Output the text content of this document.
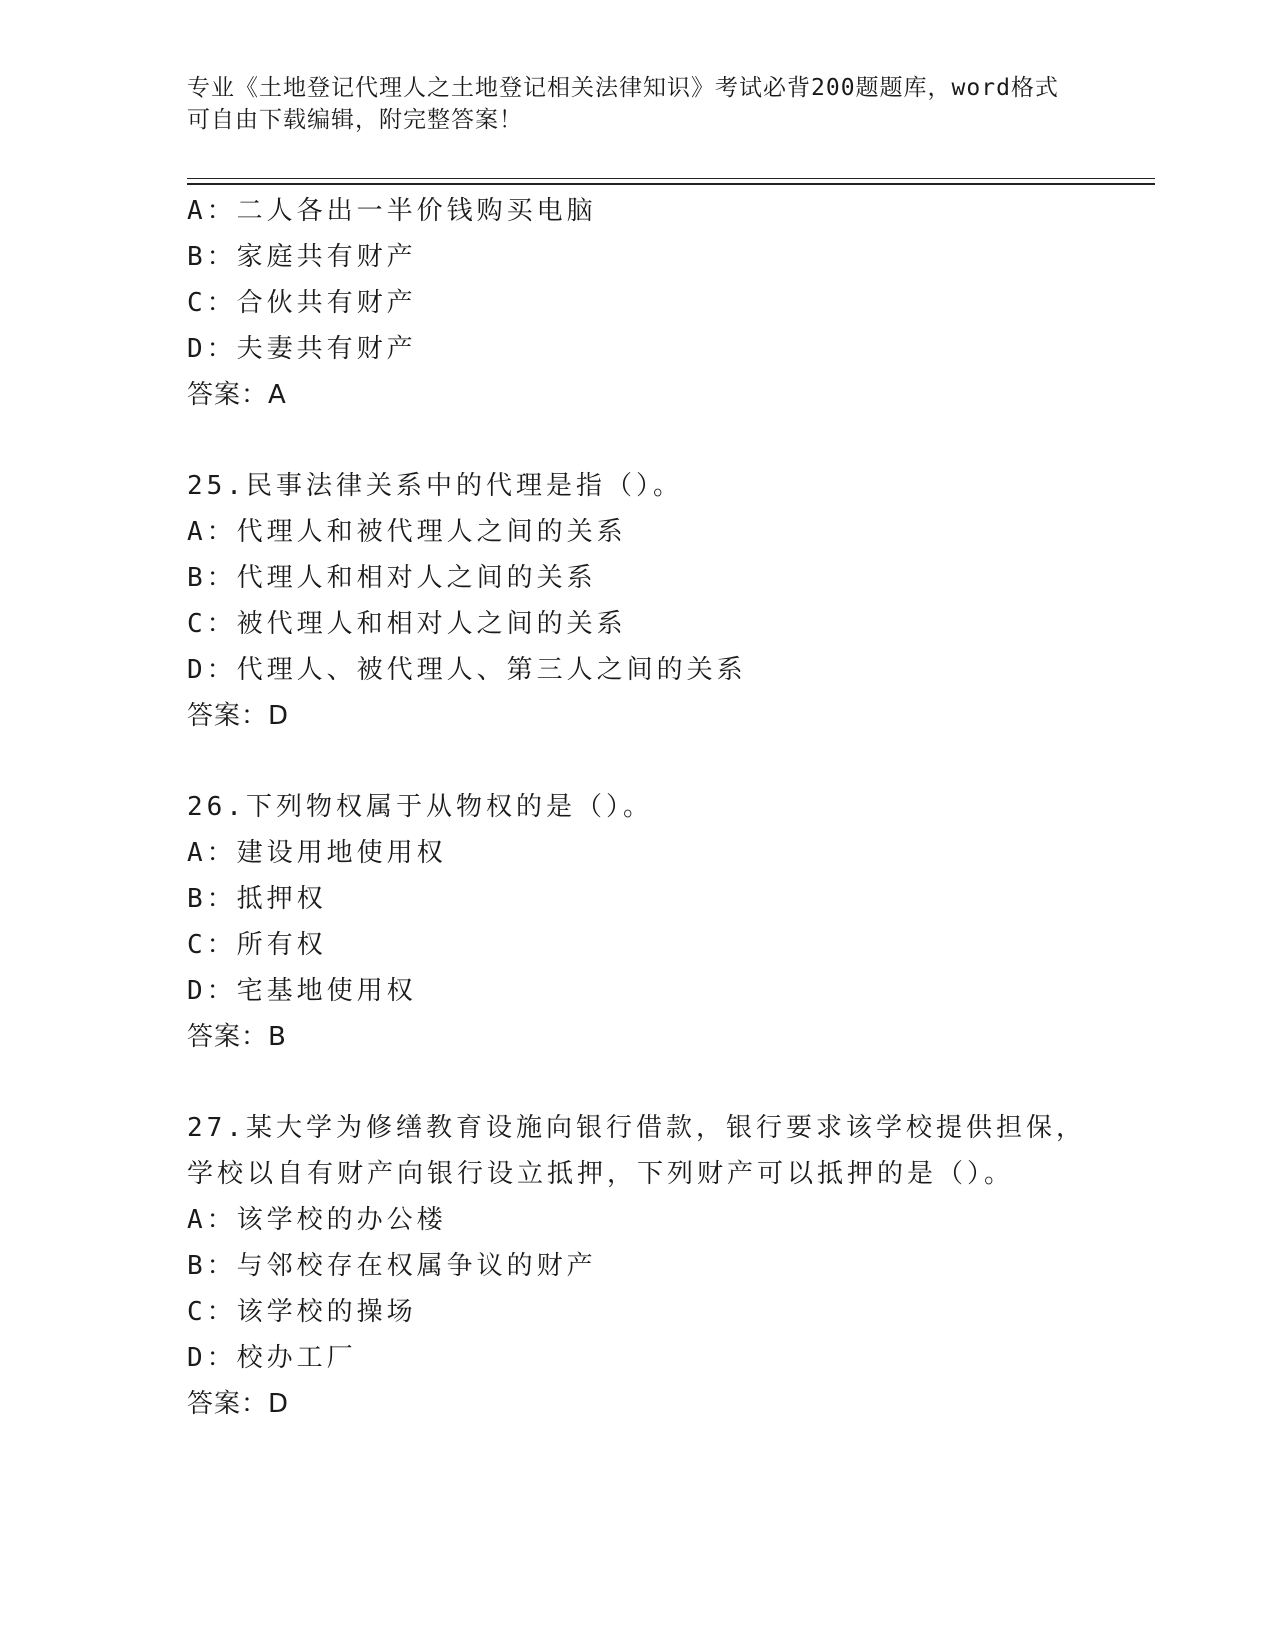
专业《土地登记代理人之土地登记相关法律知识》考试必背200题题库，word格式可自由下载编辑，附完整答案！
A：二人各出一半价钱购买电脑
B：家庭共有财产
C：合伙共有财产
D：夫妻共有财产
答案：A
25.民事法律关系中的代理是指（）。
A：代理人和被代理人之间的关系
B：代理人和相对人之间的关系
C：被代理人和相对人之间的关系
D：代理人、被代理人、第三人之间的关系
答案：D
26.下列物权属于从物权的是（）。
A：建设用地使用权
B：抵押权
C：所有权
D：宅基地使用权
答案：B
27.某大学为修缮教育设施向银行借款，银行要求该学校提供担保，学校以自有财产向银行设立抵押，下列财产可以抵押的是（）。
A：该学校的办公楼
B：与邻校存在权属争议的财产
C：该学校的操场
D：校办工厂
答案：D
